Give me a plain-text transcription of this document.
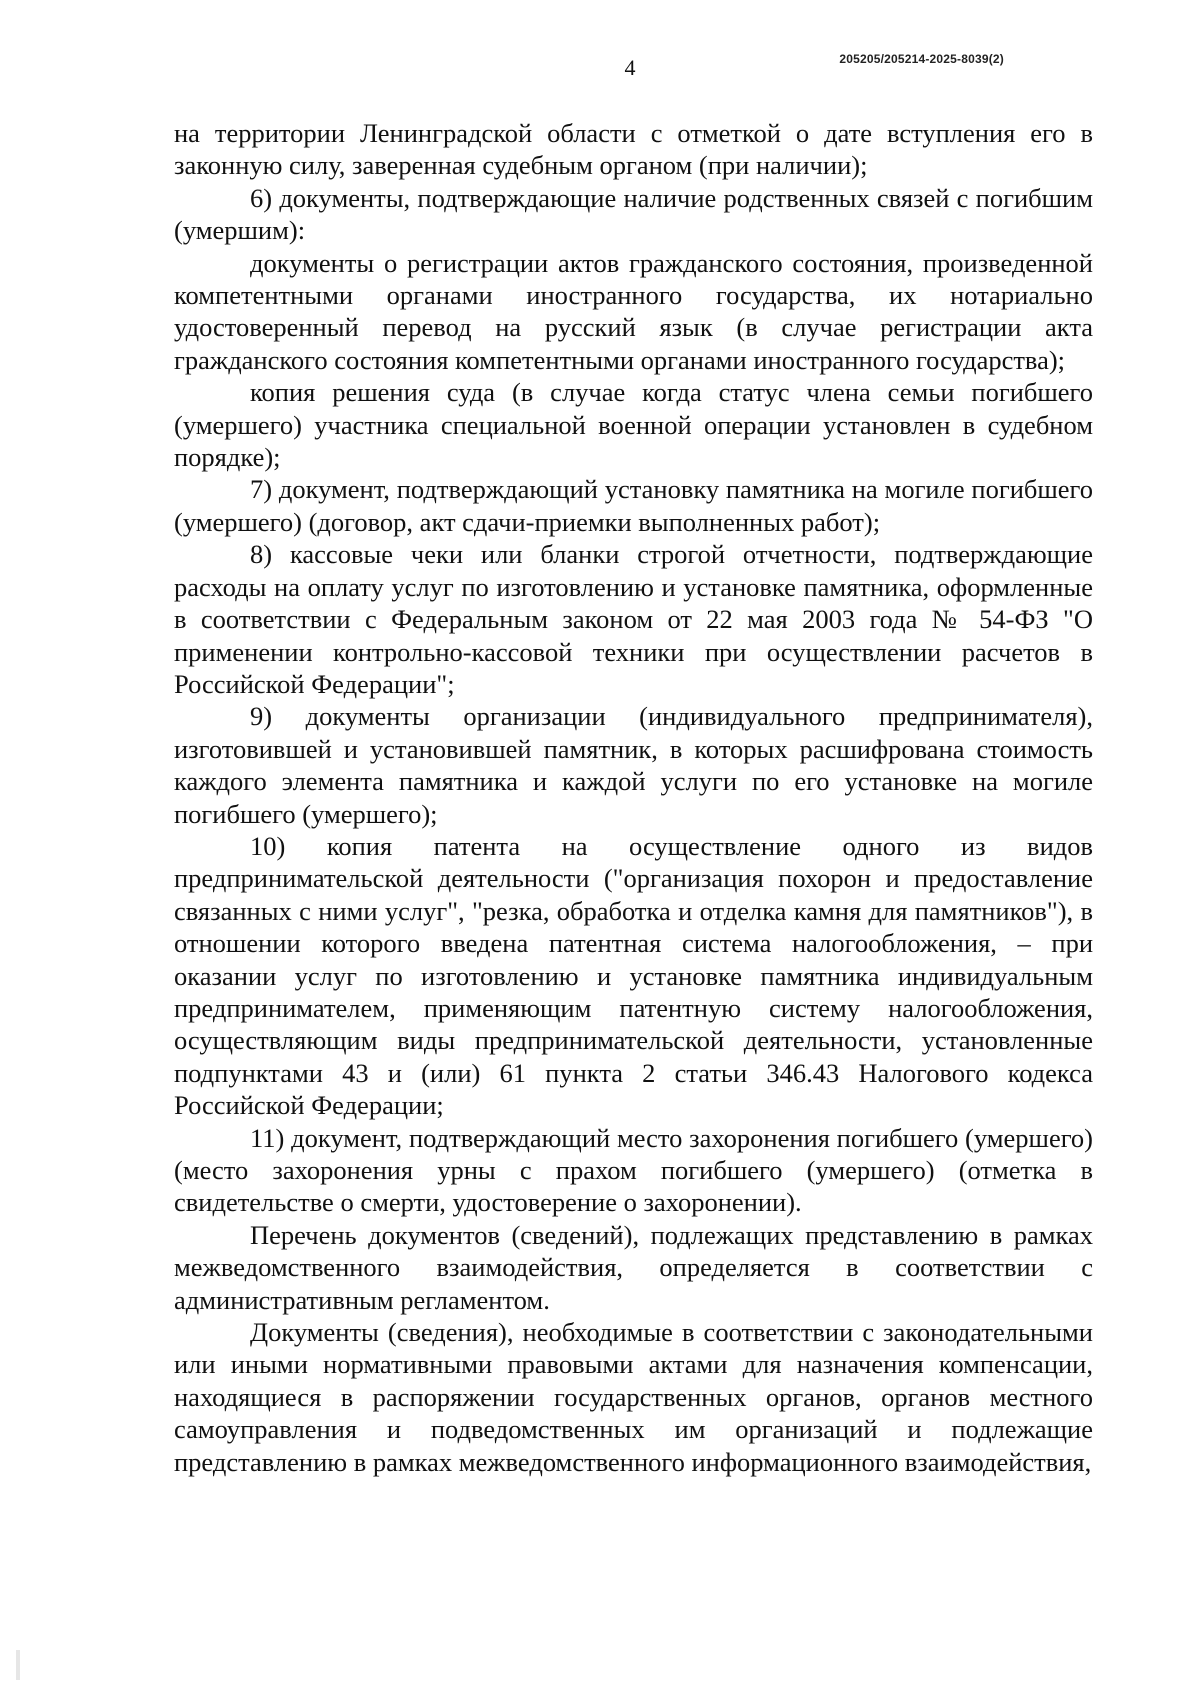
4	205205/205214-2025-8039(2)

на территории Ленинградской области с отметкой о дате вступления его в законную силу, заверенная судебным органом (при наличии);

6) документы, подтверждающие наличие родственных связей с погибшим (умершим):

документы о регистрации актов гражданского состояния, произведенной компетентными органами иностранного государства, их нотариально удостоверенный перевод на русский язык (в случае регистрации акта гражданского состояния компетентными органами иностранного государства);

копия решения суда (в случае когда статус члена семьи погибшего (умершего) участника специальной военной операции установлен в судебном порядке);

7) документ, подтверждающий установку памятника на могиле погибшего (умершего) (договор, акт сдачи-приемки выполненных работ);

8) кассовые чеки или бланки строгой отчетности, подтверждающие расходы на оплату услуг по изготовлению и установке памятника, оформленные в соответствии с Федеральным законом от 22 мая 2003 года № 54-ФЗ "О применении контрольно-кассовой техники при осуществлении расчетов в Российской Федерации";

9) документы организации (индивидуального предпринимателя), изготовившей и установившей памятник, в которых расшифрована стоимость каждого элемента памятника и каждой услуги по его установке на могиле погибшего (умершего);

10) копия патента на осуществление одного из видов предпринимательской деятельности ("организация похорон и предоставление связанных с ними услуг", "резка, обработка и отделка камня для памятников"), в отношении которого введена патентная система налогообложения, – при оказании услуг по изготовлению и установке памятника индивидуальным предпринимателем, применяющим патентную систему налогообложения, осуществляющим виды предпринимательской деятельности, установленные подпунктами 43 и (или) 61 пункта 2 статьи 346.43 Налогового кодекса Российской Федерации;

11) документ, подтверждающий место захоронения погибшего (умершего) (место захоронения урны с прахом погибшего (умершего) (отметка в свидетельстве о смерти, удостоверение о захоронении).

Перечень документов (сведений), подлежащих представлению в рамках межведомственного взаимодействия, определяется в соответствии с административным регламентом.

Документы (сведения), необходимые в соответствии с законодательными или иными нормативными правовыми актами для назначения компенсации, находящиеся в распоряжении государственных органов, органов местного самоуправления и подведомственных им организаций и подлежащие представлению в рамках межведомственного информационного взаимодействия,
